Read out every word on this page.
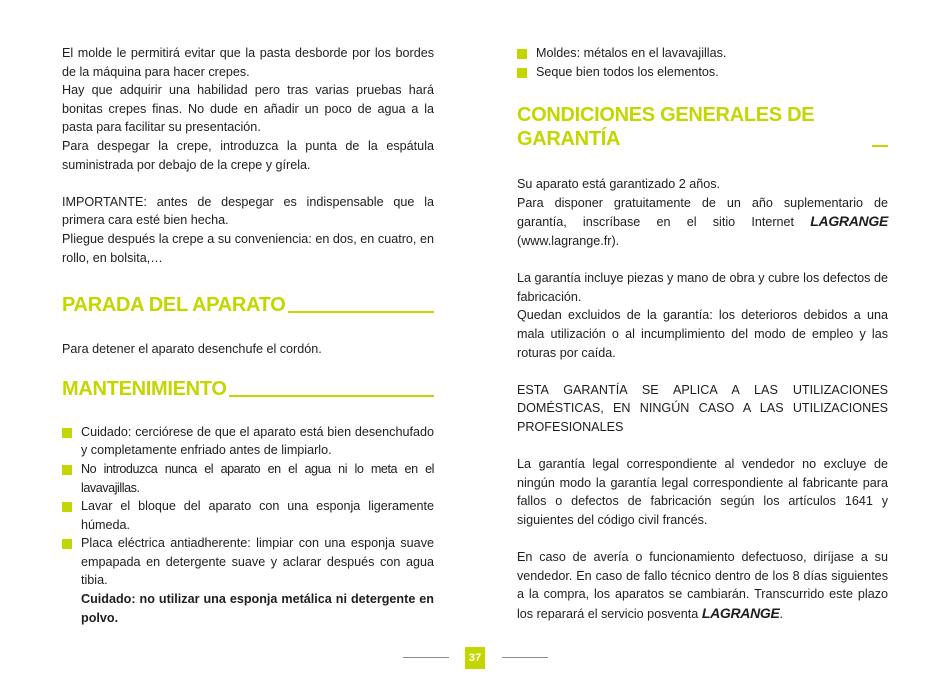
El molde le permitirá evitar que la pasta desborde por los bordes de la máquina para hacer crepes.

Hay que adquirir una habilidad pero tras varias pruebas hará bonitas crepes finas. No dude en añadir un poco de agua a la pasta para facilitar su presentación.

Para despegar la crepe, introduzca la punta de la espátula suministrada por debajo de la crepe y gírela.

IMPORTANTE: antes de despegar es indispensable que la primera cara esté bien hecha.

Pliegue después la crepe a su conveniencia: en dos, en cuatro, en rollo, en bolsita,…

PARADA DEL APARATO

Para detener el aparato desenchufe el cordón.

MANTENIMIENTO
Cuidado: cerciórese de que el aparato está bien desenchufado y completamente enfriado antes de limpiarlo.
No introduzca nunca el aparato en el agua ni lo meta en el lavavajillas.
Lavar el bloque del aparato con una esponja ligeramente húmeda.
Placa eléctrica antiadherente: limpiar con una esponja suave empapada en detergente suave y aclarar después con agua tibia.
Cuidado: no utilizar una esponja metálica ni detergente en polvo.
Moldes: métalos en el lavavajillas.
Seque bien todos los elementos.
CONDICIONES GENERALES DE GARANTÍA

Su aparato está garantizado 2 años.

Para disponer gratuitamente de un año suplementario de garantía, inscríbase en el sitio Internet LAGRANGE (www.lagrange.fr).

La garantía incluye piezas y mano de obra y cubre los defectos de fabricación.

Quedan excluidos de la garantía: los deterioros debidos a una mala utilización o al incumplimiento del modo de empleo y las roturas por caída.

ESTA GARANTÍA SE APLICA A LAS UTILIZACIONES DOMÉSTICAS, EN NINGÚN CASO A LAS UTILIZACIONES PROFESIONALES

La garantía legal correspondiente al vendedor no excluye de ningún modo la garantía legal correspondiente al fabricante para fallos o defectos de fabricación según los artículos 1641 y siguientes del código civil francés.

En caso de avería o funcionamiento defectuoso, diríjase a su vendedor. En caso de fallo técnico dentro de los 8 días siguientes a la compra, los aparatos se cambiarán. Transcurrido este plazo los reparará el servicio posventa LAGRANGE.

37
